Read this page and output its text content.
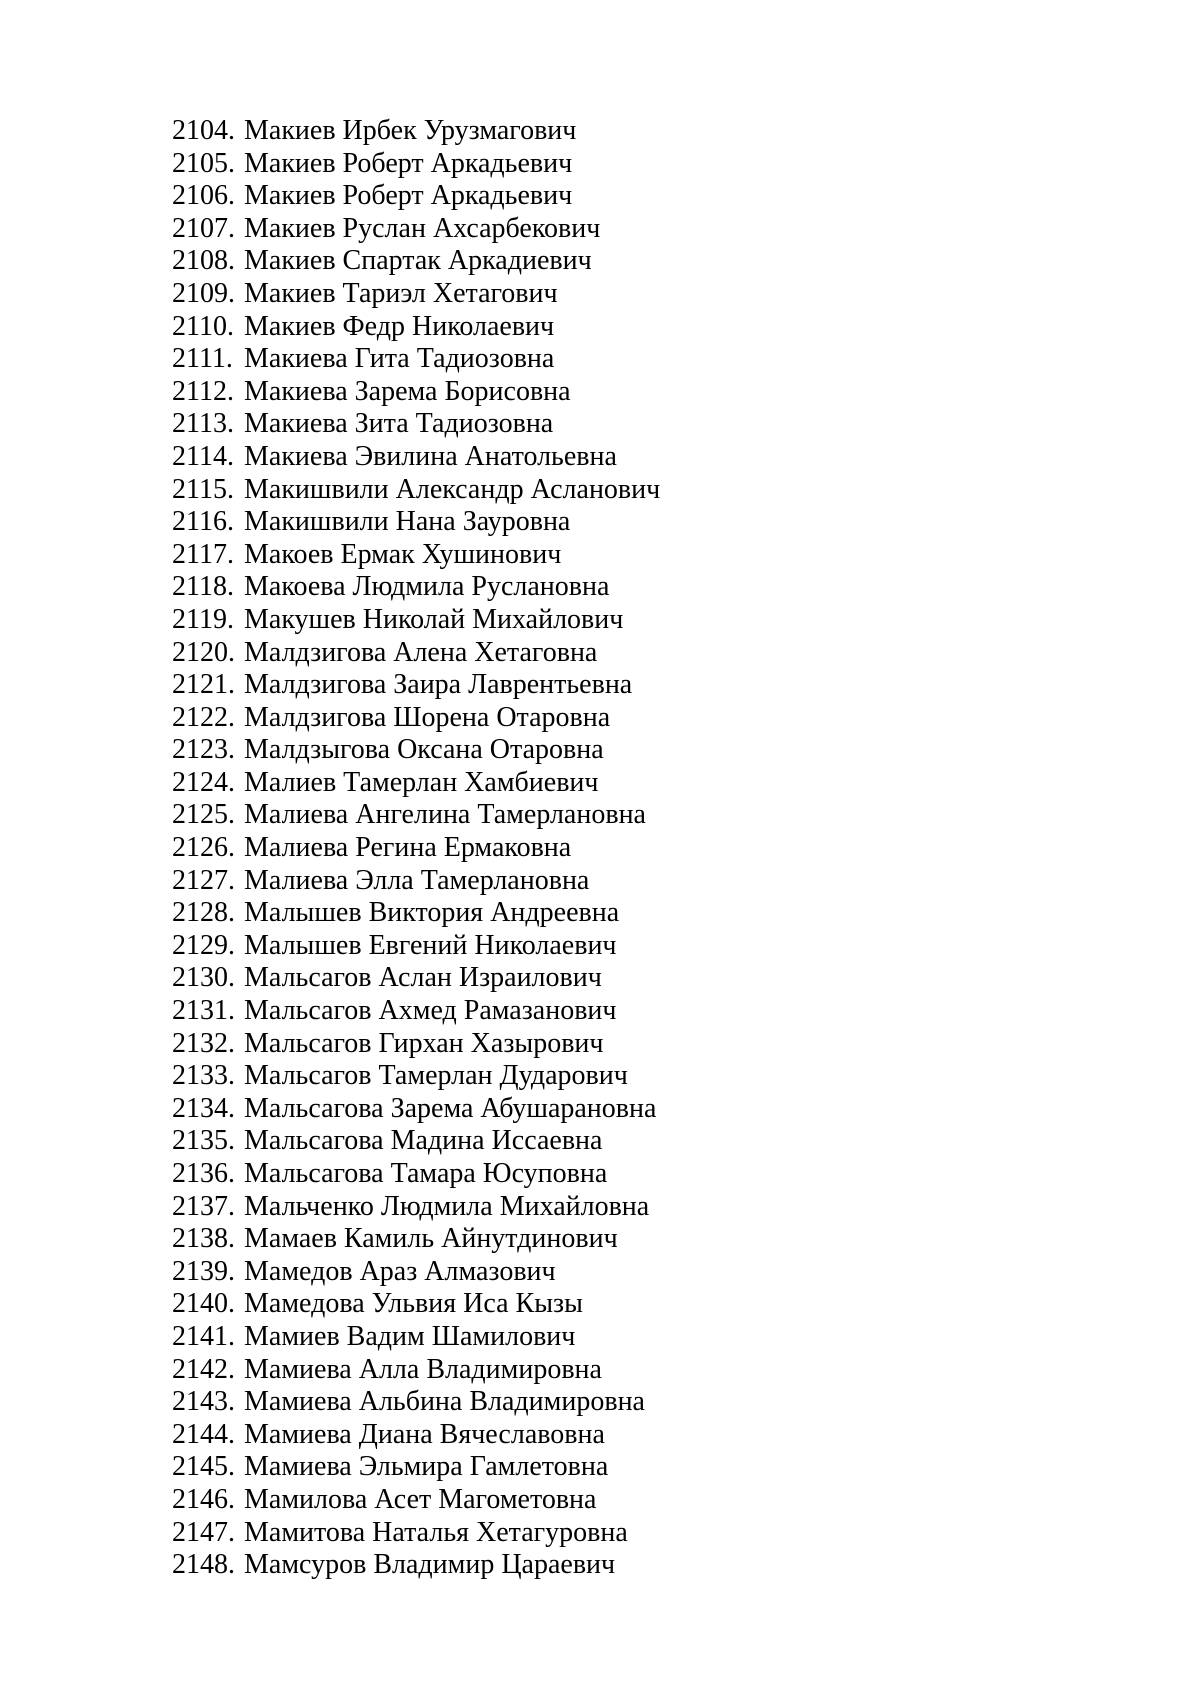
2104. Макиев Ирбек Урузмагович
2105. Макиев Роберт Аркадьевич
2106. Макиев Роберт Аркадьевич
2107. Макиев Руслан Ахсарбекович
2108. Макиев Спартак Аркадиевич
2109. Макиев Тариэл Хетагович
2110. Макиев Федр Николаевич
2111. Макиева Гита Тадиозовна
2112. Макиева Зарема Борисовна
2113. Макиева Зита Тадиозовна
2114. Макиева Эвилина Анатольевна
2115. Макишвили Александр Асланович
2116. Макишвили Нана Зауровна
2117. Макоев Ермак Хушинович
2118. Макоева Людмила Руслановна
2119. Макушев Николай Михайлович
2120. Малдзигова Алена Хетаговна
2121. Малдзигова Заира Лаврентьевна
2122. Малдзигова Шорена Отаровна
2123. Малдзыгова Оксана Отаровна
2124. Малиев Тамерлан Хамбиевич
2125. Малиева Ангелина Тамерлановна
2126. Малиева Регина Ермаковна
2127. Малиева Элла Тамерлановна
2128. Малышев Виктория Андреевна
2129. Малышев Евгений Николаевич
2130. Мальсагов Аслан Израилович
2131. Мальсагов Ахмед Рамазанович
2132. Мальсагов Гирхан Хазырович
2133. Мальсагов Тамерлан Дударович
2134. Мальсагова Зарема Абушарановна
2135. Мальсагова Мадина Иссаевна
2136. Мальсагова Тамара Юсуповна
2137. Мальченко Людмила Михайловна
2138. Мамаев Камиль Айнутдинович
2139. Мамедов Араз Алмазович
2140. Мамедова Ульвия Иса Кызы
2141. Мамиев Вадим Шамилович
2142. Мамиева Алла Владимировна
2143. Мамиева Альбина Владимировна
2144. Мамиева Диана Вячеславовна
2145. Мамиева Эльмира Гамлетовна
2146. Мамилова Асет Магометовна
2147. Мамитова Наталья Хетагуровна
2148. Мамсуров Владимир Цараевич
